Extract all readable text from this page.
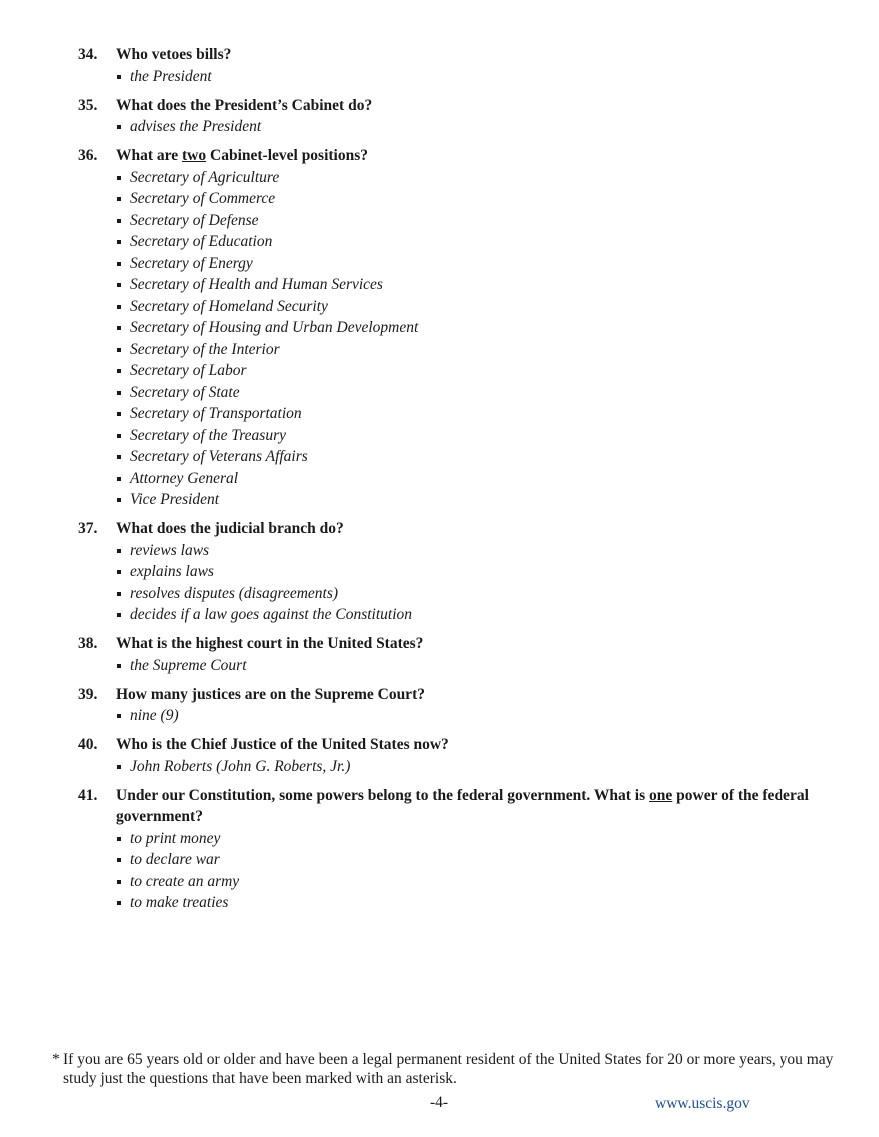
34.	Who vetoes bills?
the President
35.	What does the President’s Cabinet do?
advises the President
36.	What are two Cabinet-level positions?
Secretary of Agriculture
Secretary of Commerce
Secretary of Defense
Secretary of Education
Secretary of Energy
Secretary of Health and Human Services
Secretary of Homeland Security
Secretary of Housing and Urban Development
Secretary of the Interior
Secretary of Labor
Secretary of State
Secretary of Transportation
Secretary of the Treasury
Secretary of Veterans Affairs
Attorney General
Vice President
37.	What does the judicial branch do?
reviews laws
explains laws
resolves disputes (disagreements)
decides if a law goes against the Constitution
38.	What is the highest court in the United States?
the Supreme Court
39.	How many justices are on the Supreme Court?
nine (9)
40.	Who is the Chief Justice of the United States now?
John Roberts (John G. Roberts, Jr.)
41.	Under our Constitution, some powers belong to the federal government. What is one power of the federal government?
to print money
to declare war
to create an army
to make treaties
* If you are 65 years old or older and have been a legal permanent resident of the United States for 20 or more years, you may study just the questions that have been marked with an asterisk.
-4-	www.uscis.gov
